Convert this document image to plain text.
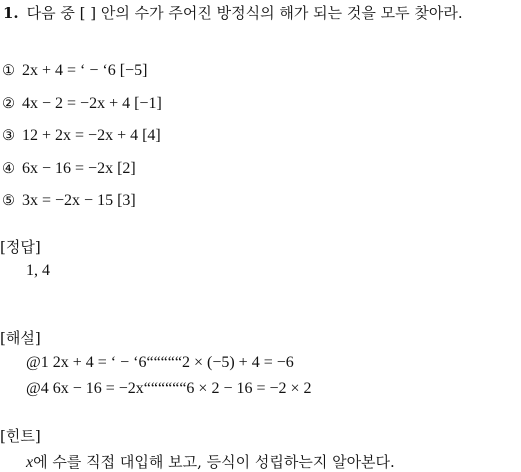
1. 다음 중 [ ] 안의 수가 주어진 방정식의 해가 되는 것을 모두 찾아라.
① 2x + 4 = ‘ − ‘6 [−5]
② 4x − 2 = −2x + 4 [−1]
③ 12 + 2x = −2x + 4 [4]
④ 6x − 16 = −2x [2]
⑤ 3x = −2x − 15 [3]
[정답]
1, 4
[해설]
@1 2x + 4 = ‘ − ‘6“““““2 × (−5) + 4 = −6
@4 6x − 16 = −2x““““““6 × 2 − 16 = −2 × 2
[힌트]
x에 수를 직접 대입해 보고, 등식이 성립하는지 알아본다.
